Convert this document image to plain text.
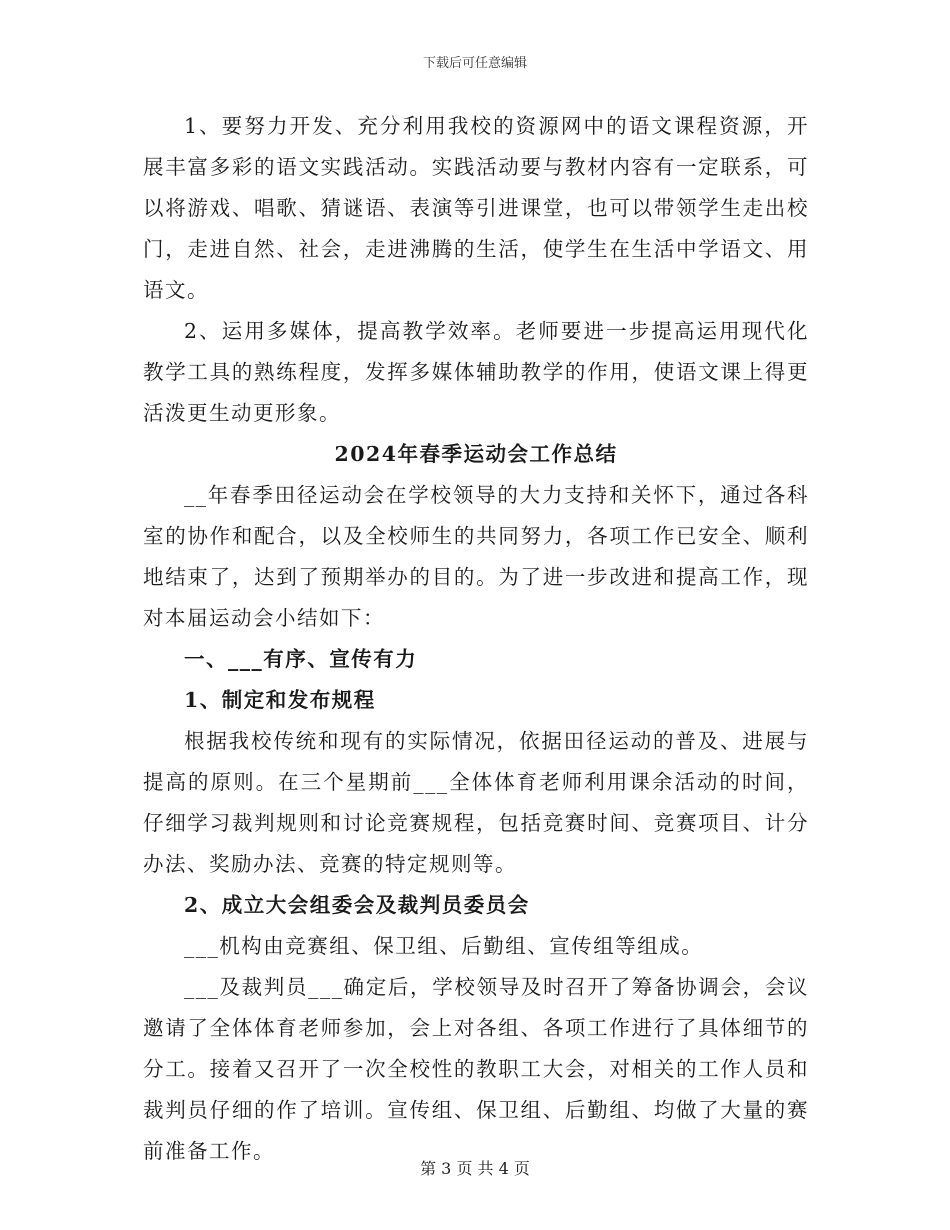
下载后可任意编辑

1、要努力开发、充分利用我校的资源网中的语文课程资源，开展丰富多彩的语文实践活动。实践活动要与教材内容有一定联系，可以将游戏、唱歌、猜谜语、表演等引进课堂，也可以带领学生走出校门，走进自然、社会，走进沸腾的生活，使学生在生活中学语文、用语文。

2、运用多媒体，提高教学效率。老师要进一步提高运用现代化教学工具的熟练程度，发挥多媒体辅助教学的作用，使语文课上得更活泼更生动更形象。

2024年春季运动会工作总结

__年春季田径运动会在学校领导的大力支持和关怀下，通过各科室的协作和配合，以及全校师生的共同努力，各项工作已安全、顺利地结束了，达到了预期举办的目的。为了进一步改进和提高工作，现对本届运动会小结如下：

一、___有序、宣传有力

1、制定和发布规程

根据我校传统和现有的实际情况，依据田径运动的普及、进展与提高的原则。在三个星期前___全体体育老师利用课余活动的时间，仔细学习裁判规则和讨论竞赛规程，包括竞赛时间、竞赛项目、计分办法、奖励办法、竞赛的特定规则等。

2、成立大会组委会及裁判员委员会

___机构由竞赛组、保卫组、后勤组、宣传组等组成。

___及裁判员___确定后，学校领导及时召开了筹备协调会，会议邀请了全体体育老师参加，会上对各组、各项工作进行了具体细节的分工。接着又召开了一次全校性的教职工大会，对相关的工作人员和裁判员仔细的作了培训。宣传组、保卫组、后勤组、均做了大量的赛前准备工作。

第 3 页 共 4 页
